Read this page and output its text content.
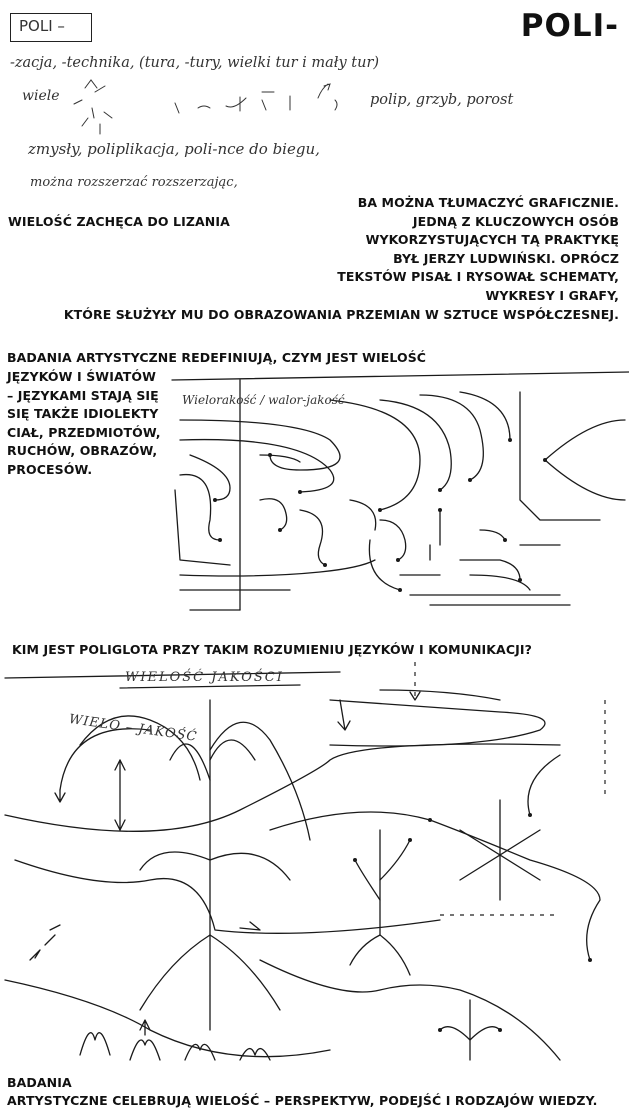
POLI –	POLI-
-zacja, -technika, (tura, -tury, wielki tur i mały tur)
wiele	polip, grzyb, porost
zmysły, poliplikacja, poli-nce do biegu,
można rozszerzać rozszerzając,
WIELOŚĆ ZACHĘCA DO LIZANIA
BA MOŻNA TŁUMACZYĆ GRAFICZNIE.
JEDNĄ Z KLUCZOWYCH OSÓB
WYKORZYSTUJĄCYCH TĄ PRAKTYKĘ
BYŁ JERZY LUDWIŃSKI. OPRÓCZ
TEKSTÓW PISAŁ I RYSOWAŁ SCHEMATY,
WYKRESY I GRAFY,
KTÓRE SŁUŻYŁY MU DO OBRAZOWANIA PRZEMIAN W SZTUCE WSPÓŁCZESNEJ.
BADANIA ARTYSTYCZNE REDEFINIUJĄ, CZYM JEST WIELOŚĆ
JĘZYKÓW I ŚWIATÓW
– JĘZYKAMI STAJĄ SIĘ
SIĘ TAKŻE IDIOLEKTY
CIAŁ, PRZEDMIOTÓW,
RUCHÓW, OBRAZÓW,
PROCESÓW.
Wielorakość / walor-jakość
KIM JEST POLIGLOTA PRZY TAKIM ROZUMIENIU JĘZYKÓW I KOMUNIKACJI?
WIELOŚĆ JAKOŚCI
WIELO – JAKOŚĆ
BADANIA
ARTYSTYCZNE CELEBRUJĄ WIELOŚĆ – PERSPEKTYW, PODEJŚĆ I RODZAJÓW WIEDZY.
